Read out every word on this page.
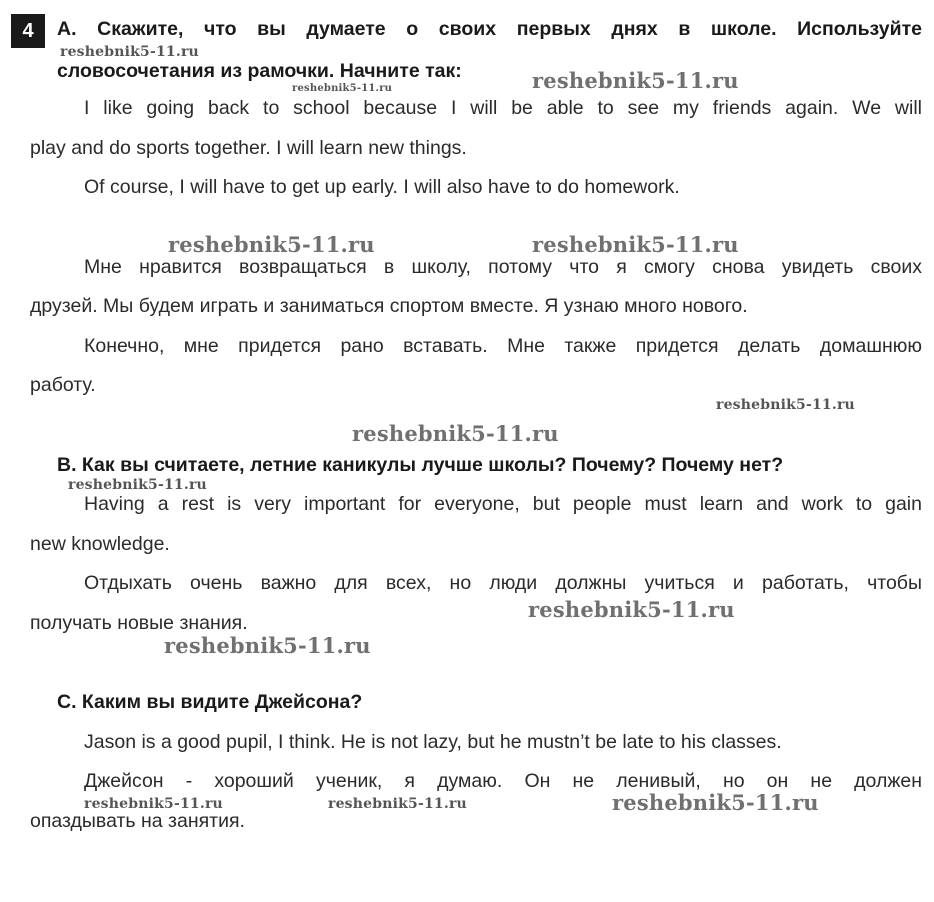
4	A. Скажите, что вы думаете о своих первых днях в школе. Используйте
словосочетания из рамочки. Начните так:
I like going back to school because I will be able to see my friends again. We will
play and do sports together. I will learn new things.
Of course, I will have to get up early. I will also have to do homework.
Мне нравится возвращаться в школу, потому что я смогу снова увидеть своих
друзей. Мы будем играть и заниматься спортом вместе. Я узнаю много нового.
Конечно, мне придется рано вставать. Мне также придется делать домашнюю
работу.
B. Как вы считаете, летние каникулы лучше школы? Почему? Почему нет?
Having a rest is very important for everyone, but people must learn and work to gain
new knowledge.
Отдыхать очень важно для всех, но люди должны учиться и работать, чтобы
получать новые знания.
C. Каким вы видите Джейсона?
Jason is a good pupil, I think. He is not lazy, but he mustn’t be late to his classes.
Джейсон - хороший ученик, я думаю. Он не ленивый, но он не должен
опаздывать на занятия.
reshebnik5-11.ru
reshebnik5-11.ru	reshebnik5-11.ru
reshebnik5-11.ru	reshebnik5-11.ru
reshebnik5-11.ru
reshebnik5-11.ru
reshebnik5-11.ru
reshebnik5-11.ru
reshebnik5-11.ru
reshebnik5-11.ru	reshebnik5-11.ru	reshebnik5-11.ru
